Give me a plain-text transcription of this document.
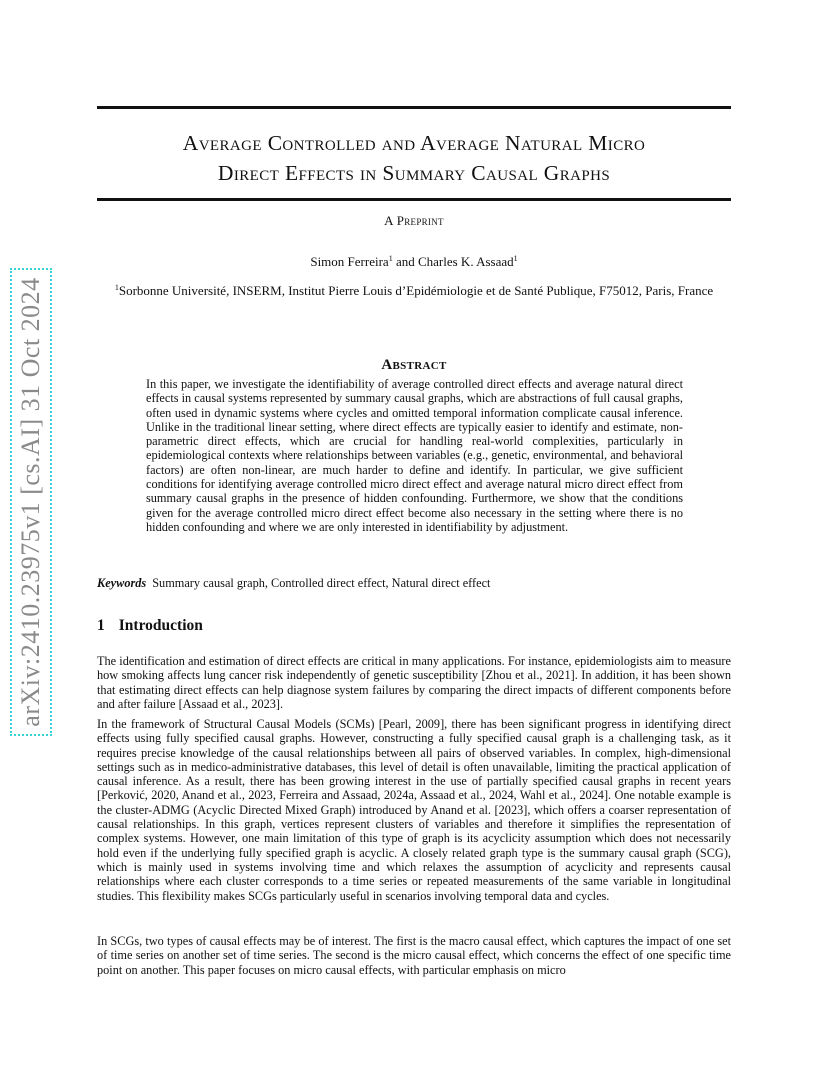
arXiv:2410.23975v1 [cs.AI] 31 Oct 2024
Average Controlled and Average Natural Micro
Direct Effects in Summary Causal Graphs
A Preprint
Simon Ferreira$^1$ and Charles K. Assaad$^1$
$^1$Sorbonne Université, INSERM, Institut Pierre Louis d’Epidémiologie et de Santé Publique, F75012, Paris, France
Abstract
In this paper, we investigate the identifiability of average controlled direct effects and average natural direct effects in causal systems represented by summary causal graphs, which are abstractions of full causal graphs, often used in dynamic systems where cycles and omitted temporal information complicate causal inference. Unlike in the traditional linear setting, where direct effects are typically easier to identify and estimate, non-parametric direct effects, which are crucial for handling real-world complexities, particularly in epidemiological contexts where relationships between variables (e.g., genetic, environmental, and behavioral factors) are often non-linear, are much harder to define and identify. In particular, we give sufficient conditions for identifying average controlled micro direct effect and average natural micro direct effect from summary causal graphs in the presence of hidden confounding. Furthermore, we show that the conditions given for the average controlled micro direct effect become also necessary in the setting where there is no hidden confounding and where we are only interested in identifiability by adjustment.
Keywords Summary causal graph, Controlled direct effect, Natural direct effect
1 Introduction
The identification and estimation of direct effects are critical in many applications. For instance, epidemiologists aim to measure how smoking affects lung cancer risk independently of genetic susceptibility [Zhou et al., 2021]. In addition, it has been shown that estimating direct effects can help diagnose system failures by comparing the direct impacts of different components before and after failure [Assaad et al., 2023].
In the framework of Structural Causal Models (SCMs) [Pearl, 2009], there has been significant progress in identifying direct effects using fully specified causal graphs. However, constructing a fully specified causal graph is a challenging task, as it requires precise knowledge of the causal relationships between all pairs of observed variables. In complex, high-dimensional settings such as in medico-administrative databases, this level of detail is often unavailable, limiting the practical application of causal inference. As a result, there has been growing interest in the use of partially specified causal graphs in recent years [Perković, 2020, Anand et al., 2023, Ferreira and Assaad, 2024a, Assaad et al., 2024, Wahl et al., 2024]. One notable example is the cluster-ADMG (Acyclic Directed Mixed Graph) introduced by Anand et al. [2023], which offers a coarser representation of causal relationships. In this graph, vertices represent clusters of variables and therefore it simplifies the representation of complex systems. However, one main limitation of this type of graph is its acyclicity assumption which does not necessarily hold even if the underlying fully specified graph is acyclic. A closely related graph type is the summary causal graph (SCG), which is mainly used in systems involving time and which relaxes the assumption of acyclicity and represents causal relationships where each cluster corresponds to a time series or repeated measurements of the same variable in longitudinal studies. This flexibility makes SCGs particularly useful in scenarios involving temporal data and cycles.
In SCGs, two types of causal effects may be of interest. The first is the macro causal effect, which captures the impact of one set of time series on another set of time series. The second is the micro causal effect, which concerns the effect of one specific time point on another. This paper focuses on micro causal effects, with particular emphasis on micro
